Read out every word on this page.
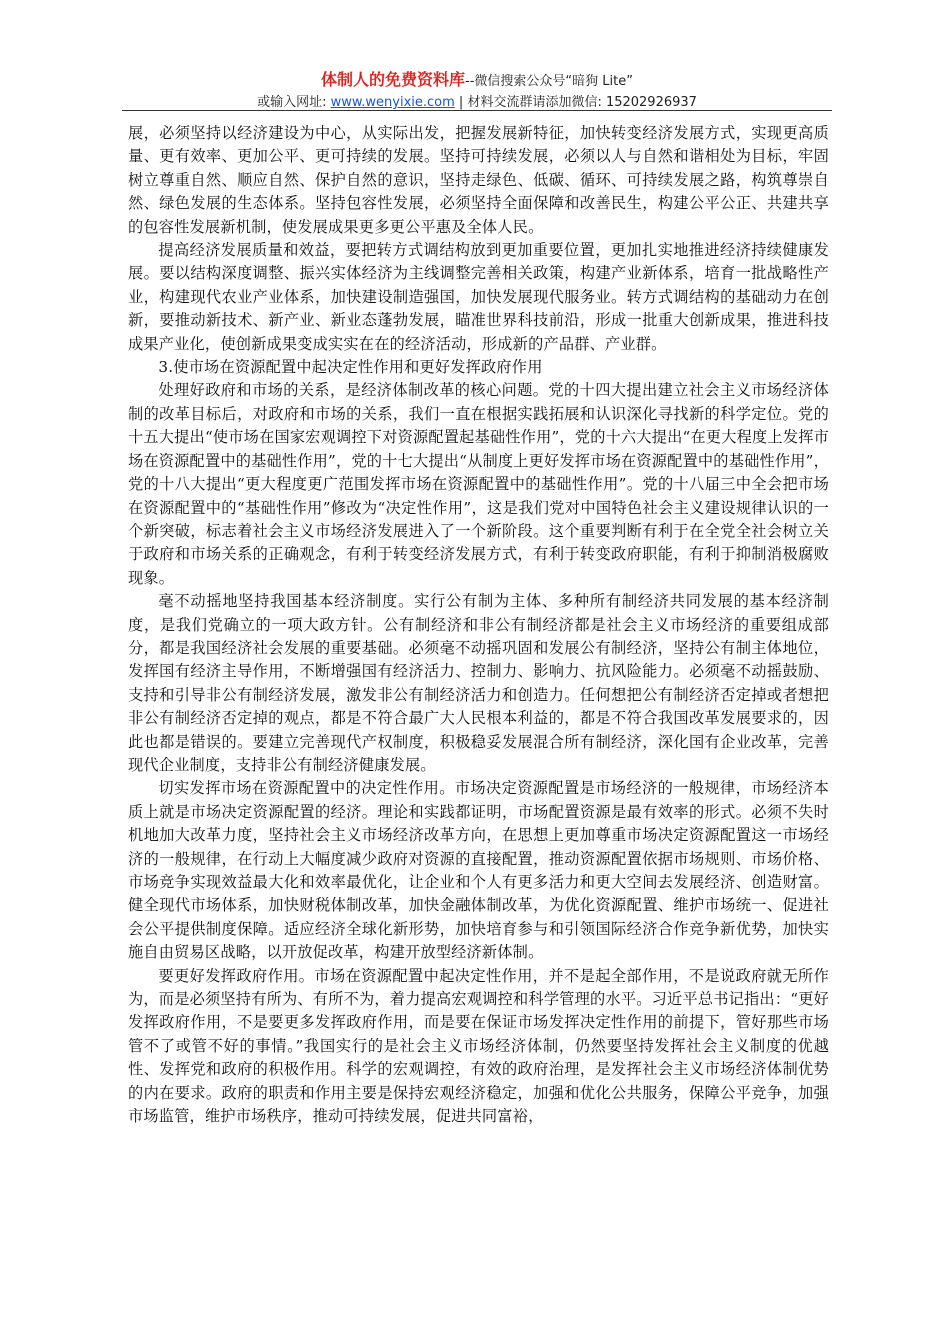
体制人的免费资料库--微信搜索公众号“暗狗 Lite”
或输入网址: www.wenyixie.com | 材料交流群请添加微信: 15202926937

展，必须坚持以经济建设为中心，从实际出发，把握发展新特征，加快转变经济发展方式，实现更高质量、更有效率、更加公平、更可持续的发展。坚持可持续发展，必须以人与自然和谐相处为目标，牢固树立尊重自然、顺应自然、保护自然的意识，坚持走绿色、低碳、循环、可持续发展之路，构筑尊崇自然、绿色发展的生态体系。坚持包容性发展，必须坚持全面保障和改善民生，构建公平公正、共建共享的包容性发展新机制，使发展成果更多更公平惠及全体人民。

提高经济发展质量和效益，要把转方式调结构放到更加重要位置，更加扎实地推进经济持续健康发展。要以结构深度调整、振兴实体经济为主线调整完善相关政策，构建产业新体系，培育一批战略性产业，构建现代农业产业体系，加快建设制造强国，加快发展现代服务业。转方式调结构的基础动力在创新，要推动新技术、新产业、新业态蓬勃发展，瞄准世界科技前沿，形成一批重大创新成果，推进科技成果产业化，使创新成果变成实实在在的经济活动，形成新的产品群、产业群。

3.使市场在资源配置中起决定性作用和更好发挥政府作用

处理好政府和市场的关系，是经济体制改革的核心问题。党的十四大提出建立社会主义市场经济体制的改革目标后，对政府和市场的关系，我们一直在根据实践拓展和认识深化寻找新的科学定位。党的十五大提出“使市场在国家宏观调控下对资源配置起基础性作用”，党的十六大提出“在更大程度上发挥市场在资源配置中的基础性作用”，党的十七大提出“从制度上更好发挥市场在资源配置中的基础性作用”，党的十八大提出“更大程度更广范围发挥市场在资源配置中的基础性作用”。党的十八届三中全会把市场在资源配置中的“基础性作用”修改为“决定性作用”，这是我们党对中国特色社会主义建设规律认识的一个新突破，标志着社会主义市场经济发展进入了一个新阶段。这个重要判断有利于在全党全社会树立关于政府和市场关系的正确观念，有利于转变经济发展方式，有利于转变政府职能，有利于抑制消极腐败现象。

毫不动摇地坚持我国基本经济制度。实行公有制为主体、多种所有制经济共同发展的基本经济制度，是我们党确立的一项大政方针。公有制经济和非公有制经济都是社会主义市场经济的重要组成部分，都是我国经济社会发展的重要基础。必须毫不动摇巩固和发展公有制经济，坚持公有制主体地位，发挥国有经济主导作用，不断增强国有经济活力、控制力、影响力、抗风险能力。必须毫不动摇鼓励、支持和引导非公有制经济发展，激发非公有制经济活力和创造力。任何想把公有制经济否定掉或者想把非公有制经济否定掉的观点，都是不符合最广大人民根本利益的，都是不符合我国改革发展要求的，因此也都是错误的。要建立完善现代产权制度，积极稳妥发展混合所有制经济，深化国有企业改革，完善现代企业制度，支持非公有制经济健康发展。

切实发挥市场在资源配置中的决定性作用。市场决定资源配置是市场经济的一般规律，市场经济本质上就是市场决定资源配置的经济。理论和实践都证明，市场配置资源是最有效率的形式。必须不失时机地加大改革力度，坚持社会主义市场经济改革方向，在思想上更加尊重市场决定资源配置这一市场经济的一般规律，在行动上大幅度减少政府对资源的直接配置，推动资源配置依据市场规则、市场价格、市场竞争实现效益最大化和效率最优化，让企业和个人有更多活力和更大空间去发展经济、创造财富。健全现代市场体系，加快财税体制改革，加快金融体制改革，为优化资源配置、维护市场统一、促进社会公平提供制度保障。适应经济全球化新形势，加快培育参与和引领国际经济合作竞争新优势，加快实施自由贸易区战略，以开放促改革，构建开放型经济新体制。

要更好发挥政府作用。市场在资源配置中起决定性作用，并不是起全部作用，不是说政府就无所作为，而是必须坚持有所为、有所不为，着力提高宏观调控和科学管理的水平。习近平总书记指出：“更好发挥政府作用，不是要更多发挥政府作用，而是要在保证市场发挥决定性作用的前提下，管好那些市场管不了或管不好的事情。”我国实行的是社会主义市场经济体制，仍然要坚持发挥社会主义制度的优越性、发挥党和政府的积极作用。科学的宏观调控，有效的政府治理，是发挥社会主义市场经济体制优势的内在要求。政府的职责和作用主要是保持宏观经济稳定，加强和优化公共服务，保障公平竞争，加强市场监管，维护市场秩序，推动可持续发展，促进共同富裕，
